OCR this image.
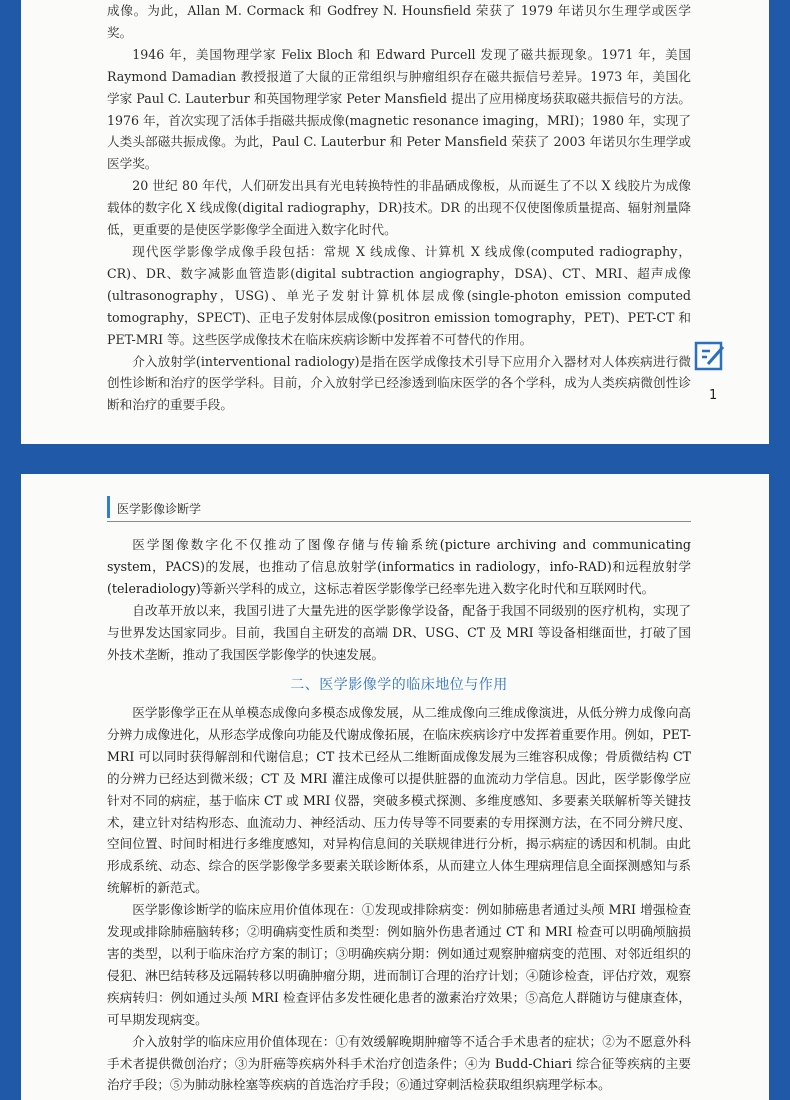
成像。为此，Allan M. Cormack 和 Godfrey N. Hounsfield 荣获了 1979 年诺贝尔生理学或医学奖。

1946 年，美国物理学家 Felix Bloch 和 Edward Purcell 发现了磁共振现象。1971 年，美国 Raymond Damadian 教授报道了大鼠的正常组织与肿瘤组织存在磁共振信号差异。1973 年，美国化学家 Paul C. Lauterbur 和英国物理学家 Peter Mansfield 提出了应用梯度场获取磁共振信号的方法。1976 年，首次实现了活体手指磁共振成像(magnetic resonance imaging，MRI)；1980 年，实现了人类头部磁共振成像。为此，Paul C. Lauterbur 和 Peter Mansfield 荣获了 2003 年诺贝尔生理学或医学奖。

20 世纪 80 年代，人们研发出具有光电转换特性的非晶硒成像板，从而诞生了不以 X 线胶片为成像载体的数字化 X 线成像(digital radiography，DR)技术。DR 的出现不仅使图像质量提高、辐射剂量降低，更重要的是使医学影像学全面进入数字化时代。

现代医学影像学成像手段包括：常规 X 线成像、计算机 X 线成像(computed radiography，CR)、DR、数字减影血管造影(digital subtraction angiography，DSA)、CT、MRI、超声成像(ultrasonography，USG)、单光子发射计算机体层成像(single-photon emission computed tomography，SPECT)、正电子发射体层成像(positron emission tomography，PET)、PET-CT 和 PET-MRI 等。这些医学成像技术在临床疾病诊断中发挥着不可替代的作用。

介入放射学(interventional radiology)是指在医学成像技术引导下应用介入器材对人体疾病进行微创性诊断和治疗的医学学科。目前，介入放射学已经渗透到临床医学的各个学科，成为人类疾病微创性诊断和治疗的重要手段。

1
医学影像诊断学

医学图像数字化不仅推动了图像存储与传输系统(picture archiving and communicating system，PACS)的发展，也推动了信息放射学(informatics in radiology，info-RAD)和远程放射学(teleradiology)等新兴学科的成立，这标志着医学影像学已经率先进入数字化时代和互联网时代。

自改革开放以来，我国引进了大量先进的医学影像学设备，配备于我国不同级别的医疗机构，实现了与世界发达国家同步。目前，我国自主研发的高端 DR、USG、CT 及 MRI 等设备相继面世，打破了国外技术垄断，推动了我国医学影像学的快速发展。

二、医学影像学的临床地位与作用

医学影像学正在从单模态成像向多模态成像发展，从二维成像向三维成像演进，从低分辨力成像向高分辨力成像进化，从形态学成像向功能及代谢成像拓展，在临床疾病诊疗中发挥着重要作用。例如，PET-MRI 可以同时获得解剖和代谢信息；CT 技术已经从二维断面成像发展为三维容积成像；骨质微结构 CT 的分辨力已经达到微米级；CT 及 MRI 灌注成像可以提供脏器的血流动力学信息。因此，医学影像学应针对不同的病症，基于临床 CT 或 MRI 仪器，突破多模式探测、多维度感知、多要素关联解析等关键技术，建立针对结构形态、血流动力、神经活动、压力传导等不同要素的专用探测方法，在不同分辨尺度、空间位置、时间时相进行多维度感知，对异构信息间的关联规律进行分析，揭示病症的诱因和机制。由此形成系统、动态、综合的医学影像学多要素关联诊断体系，从而建立人体生理病理信息全面探测感知与系统解析的新范式。

医学影像诊断学的临床应用价值体现在：①发现或排除病变：例如肺癌患者通过头颅 MRI 增强检查发现或排除肺癌脑转移；②明确病变性质和类型：例如脑外伤患者通过 CT 和 MRI 检查可以明确颅脑损害的类型，以利于临床治疗方案的制订；③明确疾病分期：例如通过观察肿瘤病变的范围、对邻近组织的侵犯、淋巴结转移及远隔转移以明确肿瘤分期，进而制订合理的治疗计划；④随诊检查，评估疗效，观察疾病转归：例如通过头颅 MRI 检查评估多发性硬化患者的激素治疗效果；⑤高危人群随访与健康查体，可早期发现病变。

介入放射学的临床应用价值体现在：①有效缓解晚期肿瘤等不适合手术患者的症状；②为不愿意外科手术者提供微创治疗；③为肝癌等疾病外科手术治疗创造条件；④为 Budd-Chiari 综合征等疾病的主要治疗手段；⑤为肺动脉栓塞等疾病的首选治疗手段；⑥通过穿刺活检获取组织病理学标本。
